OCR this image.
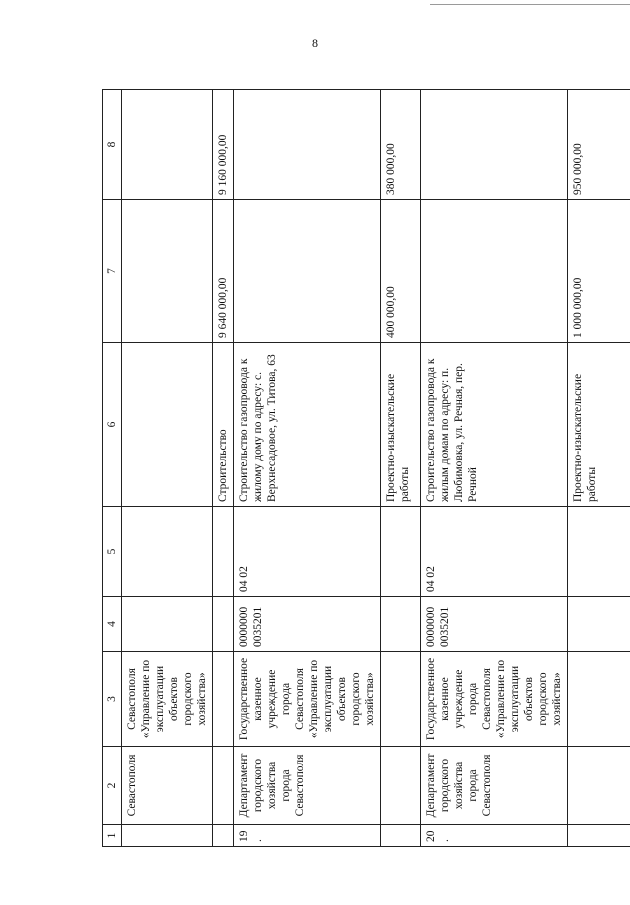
8
1	2	3	4	5	6	7	8
	Севастополя	Севастополя «Управление по эксплуатации объектов городского хозяйства»					
					Строительство	9 640 000,00	9 160 000,00
19.	Департамент городского хозяйства города Севастополя	Государственное казенное учреждение города Севастополя «Управление по эксплуатации объектов городского хозяйства»	0000000 0035201	04 02	Строительство газопровода к жилому дому по адресу: с. Верхнесадовое, ул. Титова, 63		
					Проектно-изыскательские работы	400 000,00	380 000,00
20.	Департамент городского хозяйства города Севастополя	Государственное казенное учреждение города Севастополя «Управление по эксплуатации объектов городского хозяйства»	0000000 0035201	04 02	Строительство газопровода к жилым домам по адресу: п. Любимовка, ул. Речная, пер. Речной		
					Проектно-изыскательские работы	1 000 000,00	950 000,00
